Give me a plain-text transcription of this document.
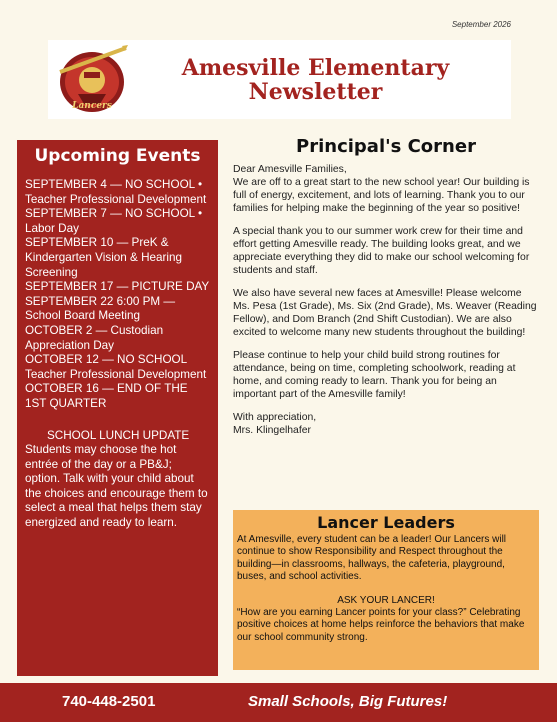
September 2026
Lancers
Amesville Elementary
Newsletter
Upcoming Events
SEPTEMBER 4 — NO SCHOOL • Teacher Professional Development
SEPTEMBER 7 — NO SCHOOL • Labor Day
SEPTEMBER 10 — PreK & Kindergarten Vision & Hearing Screening
SEPTEMBER 17 — PICTURE DAY
SEPTEMBER 22 6:00 PM — School Board Meeting
OCTOBER 2 — Custodian Appreciation Day
OCTOBER 12 — NO SCHOOL Teacher Professional Development
OCTOBER 16 — END OF THE 1ST QUARTER
SCHOOL LUNCH UPDATE
Students may choose the hot entrée of the day or a PB&J; option. Talk with your child about the choices and encourage them to select a meal that helps them stay energized and ready to learn.
Principal's Corner

Dear Amesville Families,

We are off to a great start to the new school year! Our building is full of energy, excitement, and lots of learning. Thank you to our families for helping make the beginning of the year so positive!

A special thank you to our summer work crew for their time and effort getting Amesville ready. The building looks great, and we appreciate everything they did to make our school welcoming for students and staff.

We also have several new faces at Amesville! Please welcome Ms. Pesa (1st Grade), Ms. Six (2nd Grade), Ms. Weaver (Reading Fellow), and Dom Branch (2nd Shift Custodian). We are also excited to welcome many new students throughout the building!

Please continue to help your child build strong routines for attendance, being on time, completing schoolwork, reading at home, and coming ready to learn. Thank you for being an important part of the Amesville family!

With appreciation,

Mrs. Klingelhafer

Lancer Leaders

At Amesville, every student can be a leader! Our Lancers will continue to show Responsibility and Respect throughout the building—in classrooms, hallways, the cafeteria, playground, buses, and school activities.

ASK YOUR LANCER!

“How are you earning Lancer points for your class?” Celebrating positive choices at home helps reinforce the behaviors that make our school community strong.

740-448-2501	Small Schools, Big Futures!
